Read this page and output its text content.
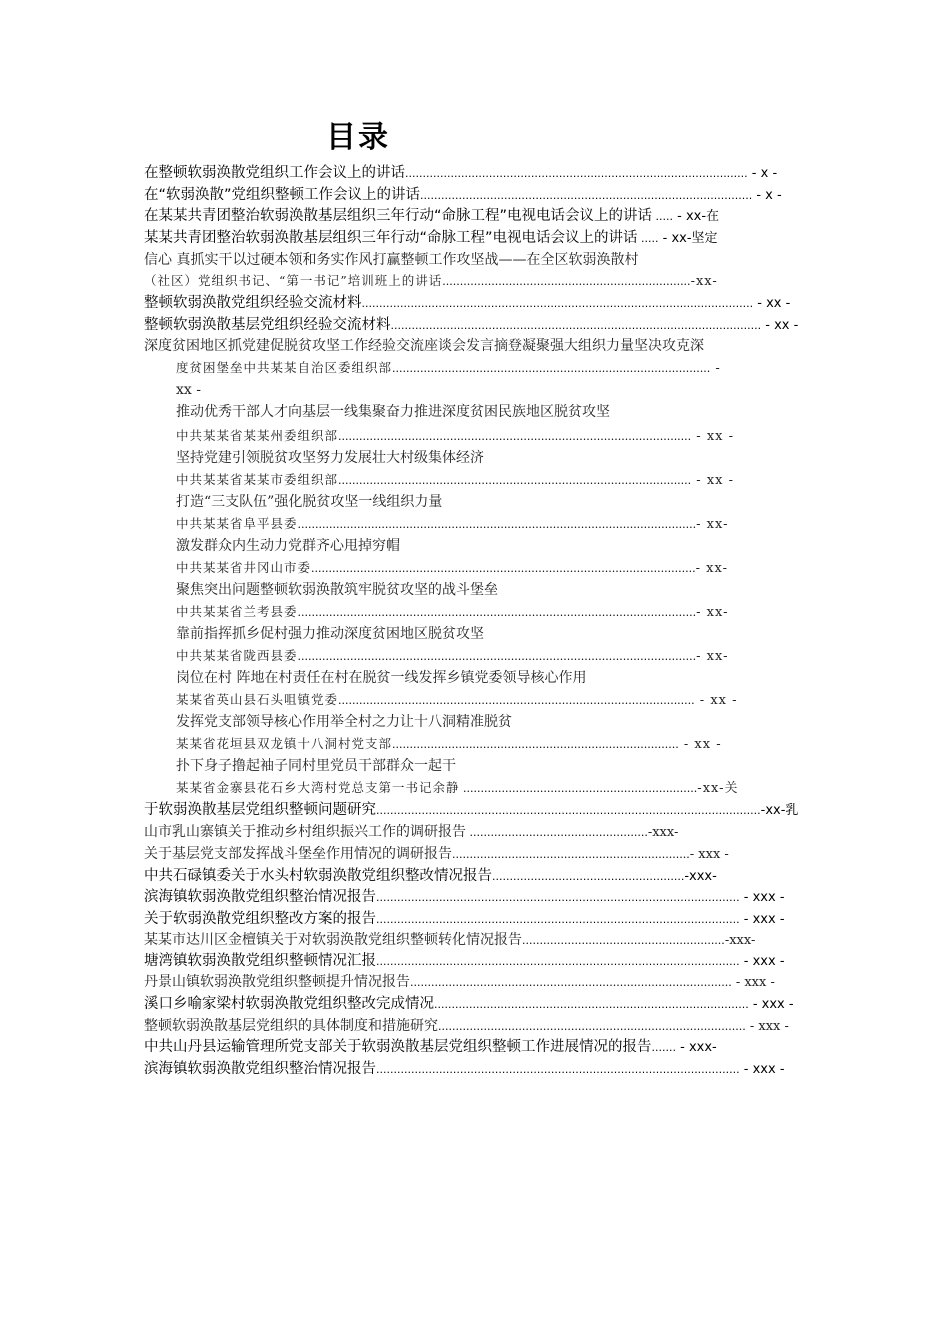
目录
在整顿软弱涣散党组织工作会议上的讲话.................................................................................................. - x -
在“软弱涣散”党组织整顿工作会议上的讲话............................................................................................... - x -
在某某共青团整治软弱涣散基层组织三年行动“命脉工程”电视电话会议上的讲话 ..... - xx-在
某某共青团整治软弱涣散基层组织三年行动“命脉工程”电视电话会议上的讲话 ..... - xx-坚定
信心 真抓实干以过硬本领和务实作风打赢整顿工作攻坚战——在全区软弱涣散村
（社区）党组织书记、“第一书记”培训班上的讲话.......................................................................-xx-
整顿软弱涣散党组织经验交流材料................................................................................................................ - xx -
整顿软弱涣散基层党组织经验交流材料.......................................................................................................... - xx -
深度贫困地区抓党建促脱贫攻坚工作经验交流座谈会发言摘登凝聚强大组织力量坚决攻克深
度贫困堡垒中共某某自治区委组织部........................................................................................... -
xx -
推动优秀干部人才向基层一线集聚奋力推进深度贫困民族地区脱贫攻坚
中共某某省某某州委组织部..................................................................................................... - xx -
坚持党建引领脱贫攻坚努力发展壮大村级集体经济
中共某某省某某市委组织部..................................................................................................... - xx -
打造“三支队伍”强化脱贫攻坚一线组织力量
中共某某省阜平县委..................................................................................................................- xx-
激发群众内生动力党群齐心甩掉穷帽
中共某某省井冈山市委..............................................................................................................- xx-
聚焦突出问题整顿软弱涣散筑牢脱贫攻坚的战斗堡垒
中共某某省兰考县委..................................................................................................................- xx-
靠前指挥抓乡促村强力推动深度贫困地区脱贫攻坚
中共某某省陇西县委..................................................................................................................- xx-
岗位在村 阵地在村责任在村在脱贫一线发挥乡镇党委领导核心作用
某某省英山县石头咀镇党委...................................................................................................... - xx -
发挥党支部领导核心作用举全村之力让十八洞精准脱贫
某某省花垣县双龙镇十八洞村党支部.................................................................................. - xx -
扑下身子撸起袖子同村里党员干部群众一起干
某某省金寨县花石乡大湾村党总支第一书记余静 ...................................................................-xx-关
于软弱涣散基层党组织整顿问题研究..............................................................................................................-xx-乳
山市乳山寨镇关于推动乡村组织振兴工作的调研报告 ...................................................-xxx-
关于基层党支部发挥战斗堡垒作用情况的调研报告....................................................................- xxx -
中共石碌镇委关于水头村软弱涣散党组织整改情况报告.......................................................-xxx-
滨海镇软弱涣散党组织整治情况报告........................................................................................................ - xxx -
关于软弱涣散党组织整改方案的报告........................................................................................................ - xxx -
某某市达川区金檀镇关于对软弱涣散党组织整顿转化情况报告..........................................................-xxx-
塘湾镇软弱涣散党组织整顿情况汇报........................................................................................................ - xxx -
丹景山镇软弱涣散党组织整顿提升情况报告............................................................................................ - xxx -
溪口乡喻家梁村软弱涣散党组织整改完成情况.......................................................................................... - xxx -
整顿软弱涣散基层党组织的具体制度和措施研究........................................................................................ - xxx -
中共山丹县运输管理所党支部关于软弱涣散基层党组织整顿工作进展情况的报告....... - xxx-
滨海镇软弱涣散党组织整治情况报告........................................................................................................ - xxx -
